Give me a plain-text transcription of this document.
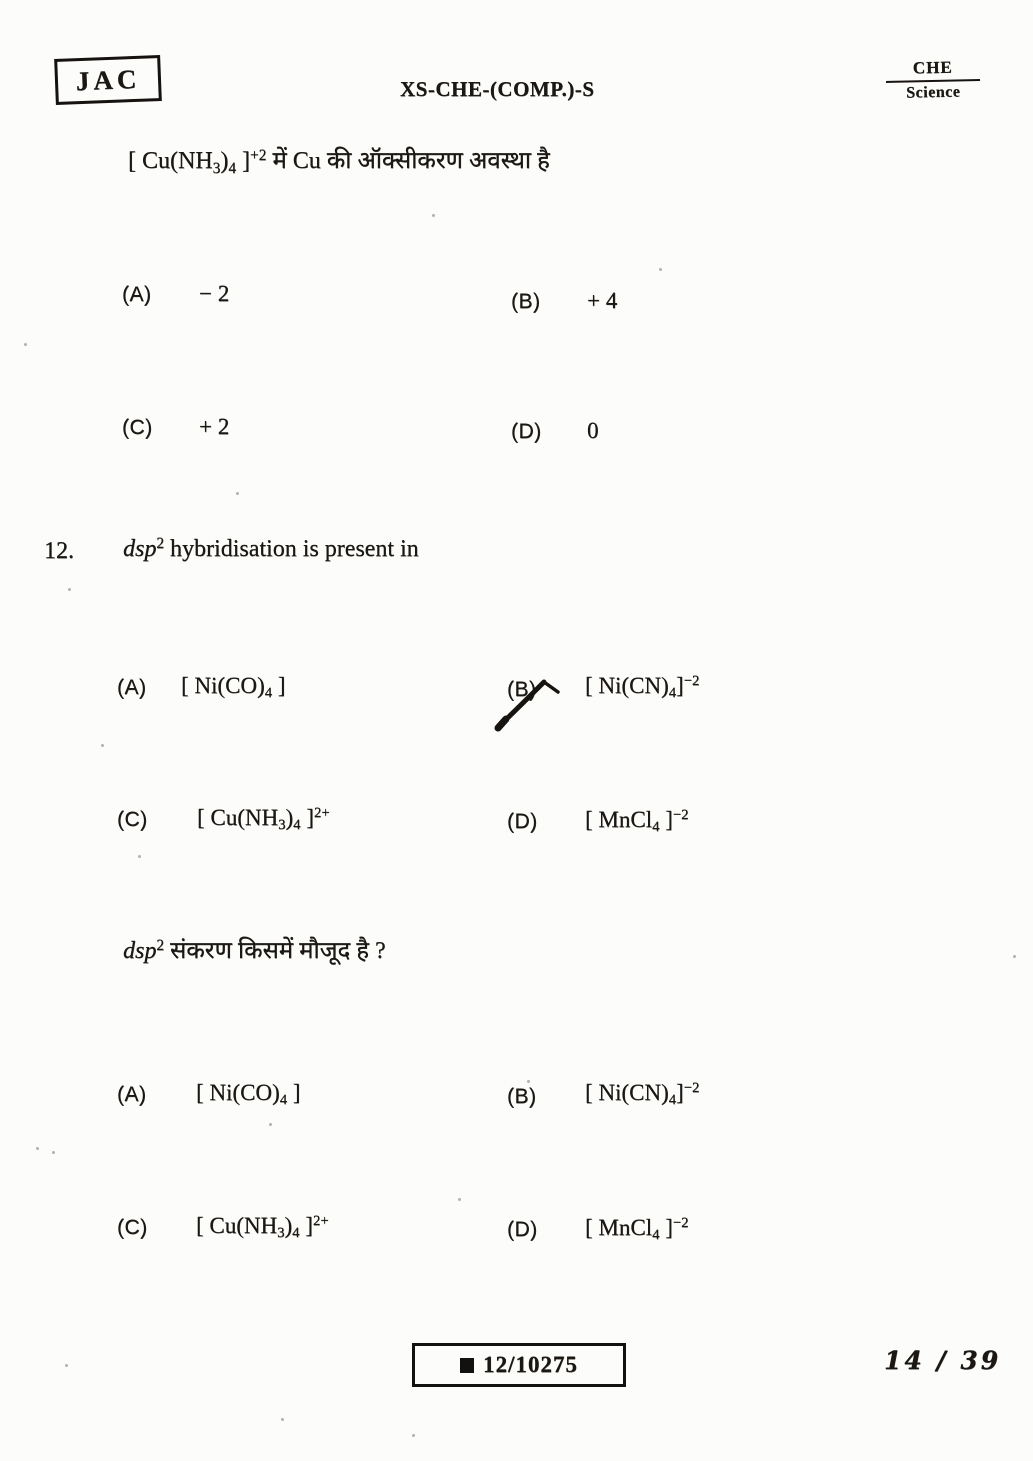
JAC	XS-CHE-(COMP.)-S
CHE
Science
[ $Cu(NH_3)_4$ ]$^{+2}$ में Cu की ऑक्सीकरण अवस्था है
(A) − 2	(B) + 4
(C) + 2	(D) 0
12. dsp$^2$ hybridisation is present in
(A) [ $Ni(CO)_4$ ]	(B) [ $Ni(CN)_4]^{-2}$
(C) [ $Cu(NH_3)_4$ ]$^{2+}$	(D) [ MnCl$_4$ ]$^{-2}$
dsp$^2$ संकरण किसमें मौजूद है ?
(A) [ $Ni(CO)_4$ ]	(B) [ $Ni(CN)_4]^{-2}$
(C) [ $Cu(NH_3)_4$ ]$^{2+}$	(D) [ MnCl$_4$ ]$^{-2}$
12/10275	14 / 39
